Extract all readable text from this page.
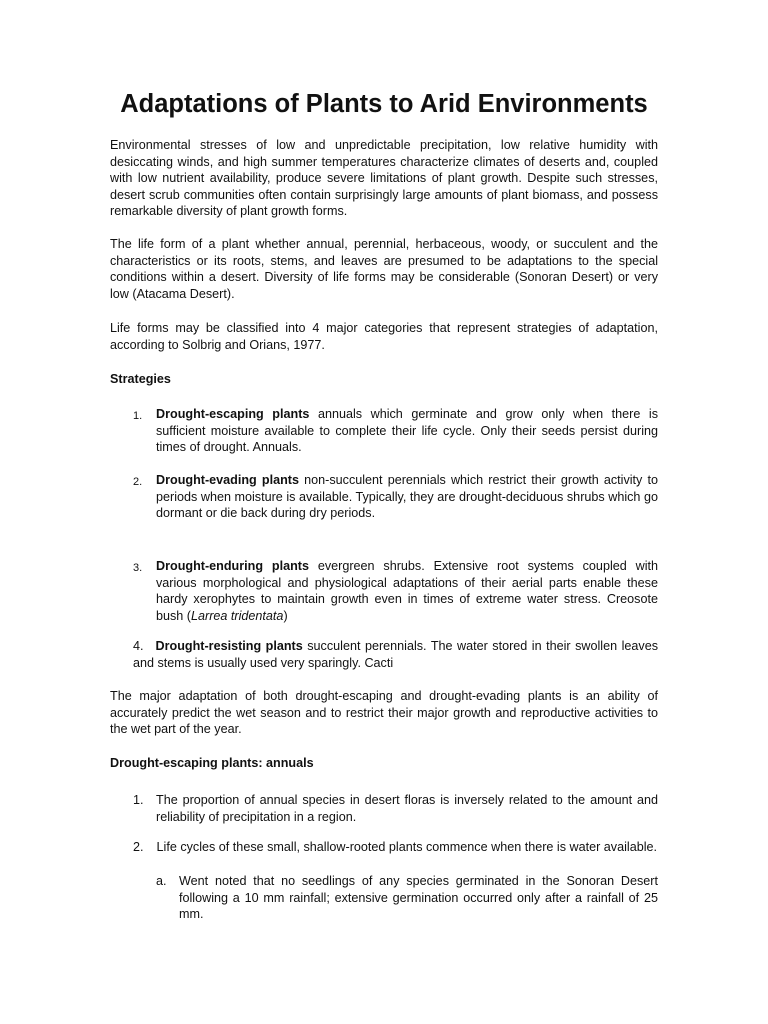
Adaptations of Plants to Arid Environments

Environmental stresses of low and unpredictable precipitation, low relative humidity with desiccating winds, and high summer temperatures characterize climates of deserts and, coupled with low nutrient availability, produce severe limitations of plant growth. Despite such stresses, desert scrub communities often contain surprisingly large amounts of plant biomass, and possess remarkable diversity of plant growth forms.

The life form of a plant whether annual, perennial, herbaceous, woody, or succulent and the characteristics or its roots, stems, and leaves are presumed to be adaptations to the special conditions within a desert. Diversity of life forms may be considerable (Sonoran Desert) or very low (Atacama Desert).

Life forms may be classified into 4 major categories that represent strategies of adaptation, according to Solbrig and Orians, 1977.

Strategies

1. Drought-escaping plants annuals which germinate and grow only when there is sufficient moisture available to complete their life cycle. Only their seeds persist during times of drought. Annuals.

2. Drought-evading plants non-succulent perennials which restrict their growth activity to periods when moisture is available. Typically, they are drought-deciduous shrubs which go dormant or die back during dry periods.

3. Drought-enduring plants evergreen shrubs. Extensive root systems coupled with various morphological and physiological adaptations of their aerial parts enable these hardy xerophytes to maintain growth even in times of extreme water stress. Creosote bush (Larrea tridentata)

4. Drought-resisting plants succulent perennials. The water stored in their swollen leaves and stems is usually used very sparingly. Cacti

The major adaptation of both drought-escaping and drought-evading plants is an ability of accurately predict the wet season and to restrict their major growth and reproductive activities to the wet part of the year.

Drought-escaping plants: annuals

1. The proportion of annual species in desert floras is inversely related to the amount and reliability of precipitation in a region.

2. Life cycles of these small, shallow-rooted plants commence when there is water available.

a. Went noted that no seedlings of any species germinated in the Sonoran Desert following a 10 mm rainfall; extensive germination occurred only after a rainfall of 25 mm.
